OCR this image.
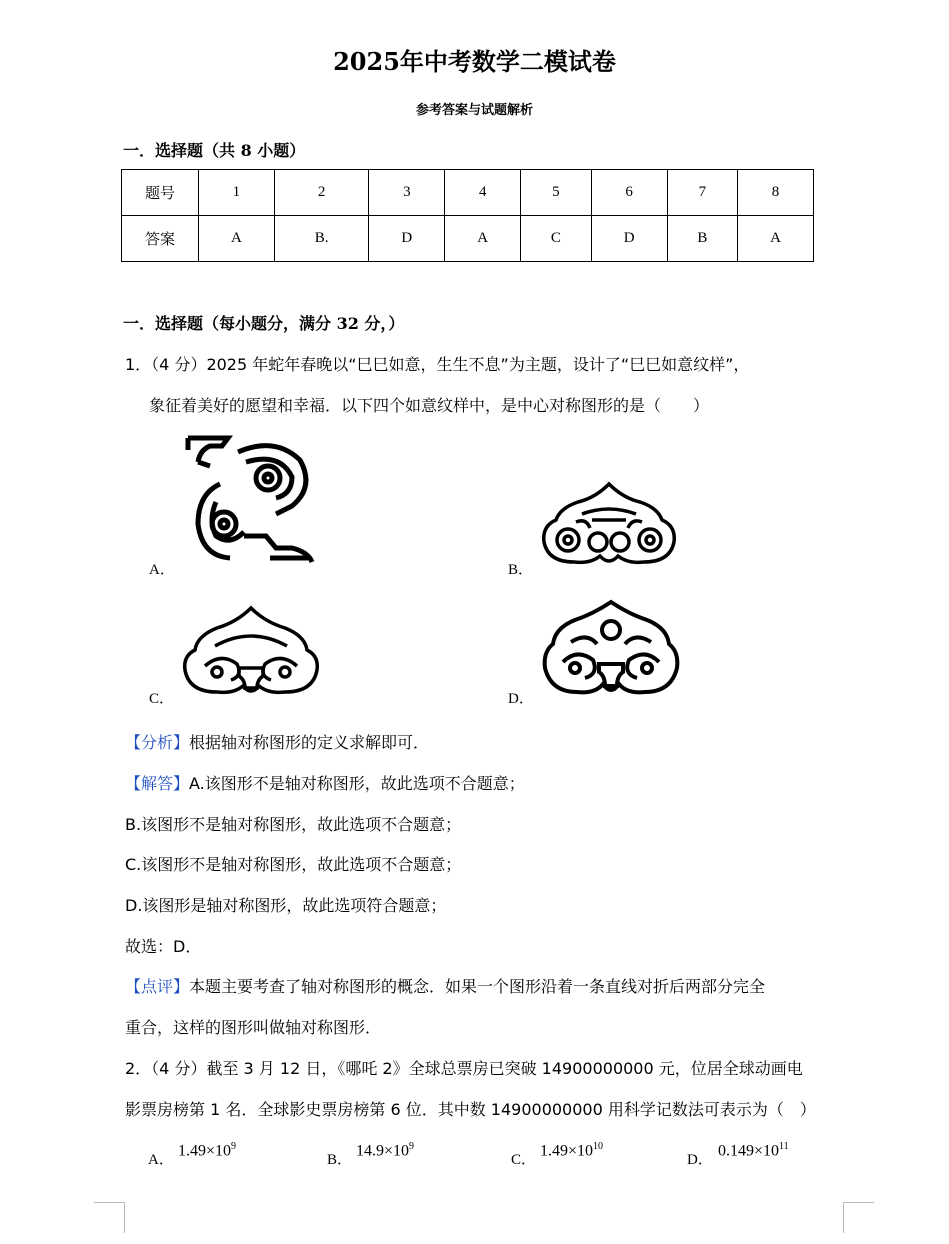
2025年中考数学二模试卷
参考答案与试题解析
一．选择题（共 8 小题）
题号	1	2	3	4	5	6	7	8
答案	A	B.	D	A	C	D	B	A
一．选择题（每小题分，满分 32 分，）
1．（4 分）2025 年蛇年春晚以“巳巳如意，生生不息”为主题，设计了“巳巳如意纹样”，
象征着美好的愿望和幸福．以下四个如意纹样中，是中心对称图形的是（　　）
A．	B．
C．	D．
【分析】根据轴对称图形的定义求解即可．
【解答】A.该图形不是轴对称图形，故此选项不合题意；
B.该图形不是轴对称图形，故此选项不合题意；
C.该图形不是轴对称图形，故此选项不合题意；
D.该图形是轴对称图形，故此选项符合题意；
故选：D．
【点评】本题主要考查了轴对称图形的概念．如果一个图形沿着一条直线对折后两部分完全
重合，这样的图形叫做轴对称图形．
2．（4 分）截至 3 月 12 日，《哪吒 2》全球总票房已突破 14900000000 元，位居全球动画电
影票房榜第 1 名．全球影史票房榜第 6 位．其中数 14900000000 用科学记数法可表示为（　）
A．
$1.49\times 10^9$
B．
$14.9\times 10^9$
C．
$1.49\times 10^{10}$
D．
$0.149\times 10^{11}$
